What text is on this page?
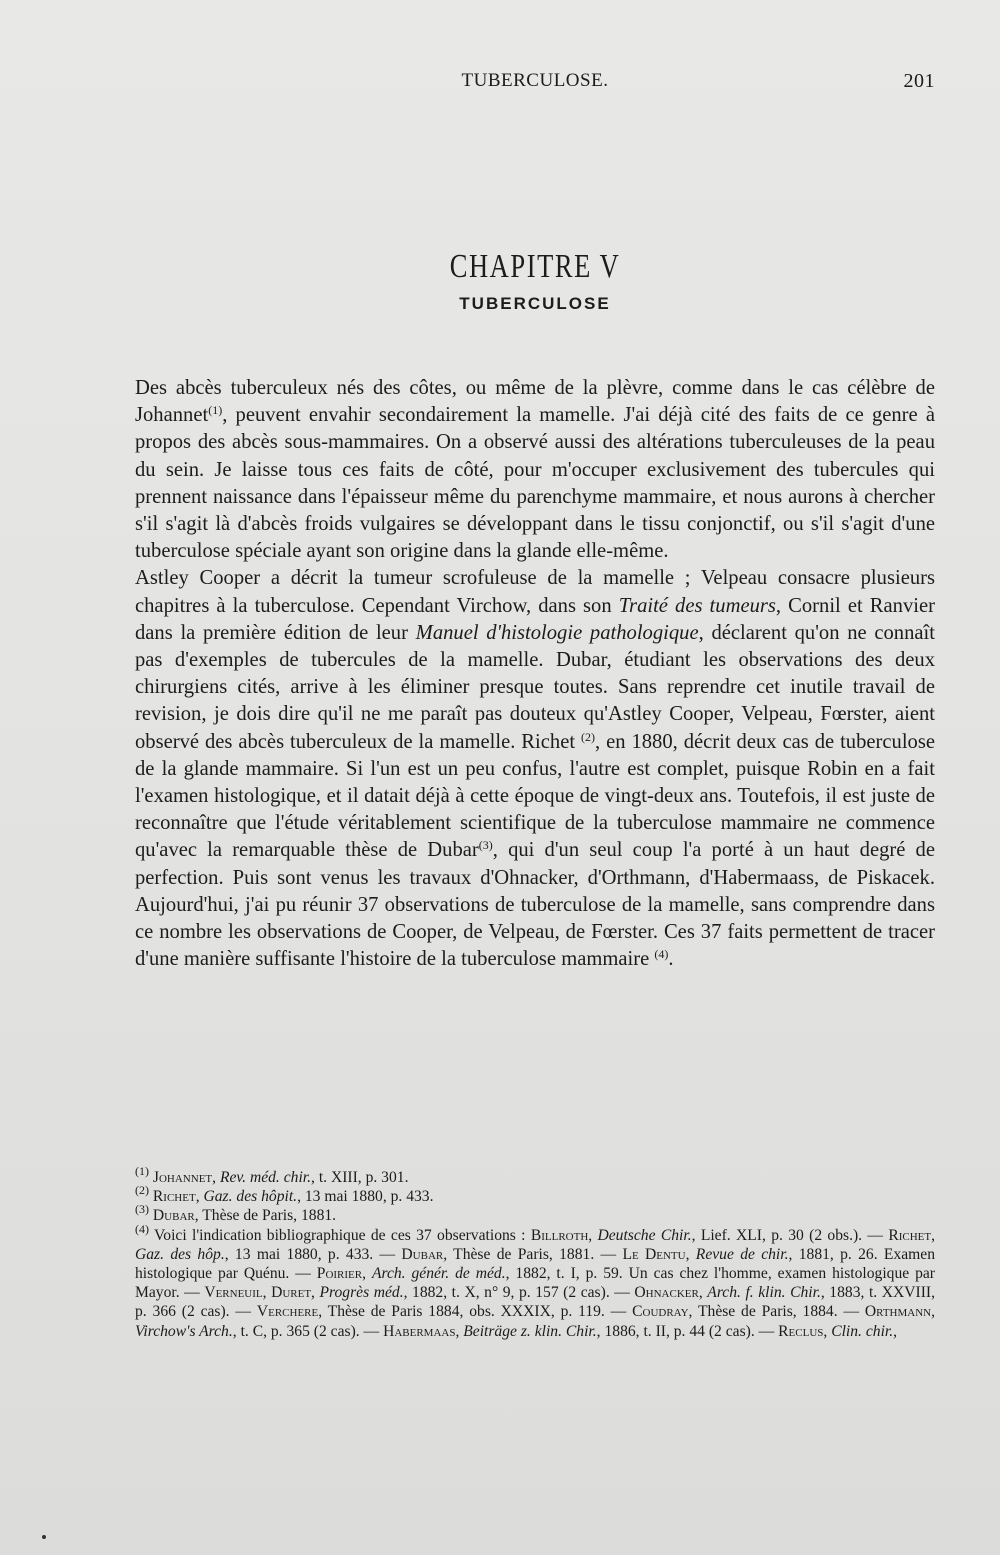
TUBERCULOSE.	201
CHAPITRE V
TUBERCULOSE

Des abcès tuberculeux nés des côtes, ou même de la plèvre, comme dans le cas célèbre de Johannet$^{(1)}$, peuvent envahir secondairement la mamelle. J'ai déjà cité des faits de ce genre à propos des abcès sous-mammaires. On a observé aussi des altérations tuberculeuses de la peau du sein. Je laisse tous ces faits de côté, pour m'occuper exclusivement des tubercules qui prennent naissance dans l'épaisseur même du parenchyme mammaire, et nous aurons à chercher s'il s'agit là d'abcès froids vulgaires se développant dans le tissu conjonctif, ou s'il s'agit d'une tuberculose spéciale ayant son origine dans la glande elle-même.

Astley Cooper a décrit la tumeur scrofuleuse de la mamelle ; Velpeau consacre plusieurs chapitres à la tuberculose. Cependant Virchow, dans son Traité des tumeurs, Cornil et Ranvier dans la première édition de leur Manuel d'histologie pathologique, déclarent qu'on ne connaît pas d'exemples de tubercules de la mamelle. Dubar, étudiant les observations des deux chirurgiens cités, arrive à les éliminer presque toutes. Sans reprendre cet inutile travail de revision, je dois dire qu'il ne me paraît pas douteux qu'Astley Cooper, Velpeau, Fœrster, aient observé des abcès tuberculeux de la mamelle. Richet $^{(2)}$, en 1880, décrit deux cas de tuberculose de la glande mammaire. Si l'un est un peu confus, l'autre est complet, puisque Robin en a fait l'examen histologique, et il datait déjà à cette époque de vingt-deux ans. Toutefois, il est juste de reconnaître que l'étude véritablement scientifique de la tuberculose mammaire ne commence qu'avec la remarquable thèse de Dubar$^{(3)}$, qui d'un seul coup l'a porté à un haut degré de perfection. Puis sont venus les travaux d'Ohnacker, d'Orthmann, d'Habermaass, de Piskacek. Aujourd'hui, j'ai pu réunir 37 observations de tuberculose de la mamelle, sans comprendre dans ce nombre les observations de Cooper, de Velpeau, de Fœrster. Ces 37 faits permettent de tracer d'une manière suffisante l'histoire de la tuberculose mammaire $^{(4)}$.

$^{(1)}$ Johannet, Rev. méd. chir., t. XIII, p. 301.

$^{(2)}$ Richet, Gaz. des hôpit., 13 mai 1880, p. 433.

$^{(3)}$ Dubar, Thèse de Paris, 1881.

$^{(4)}$ Voici l'indication bibliographique de ces 37 observations : Billroth, Deutsche Chir., Lief. XLI, p. 30 (2 obs.). — Richet, Gaz. des hôp., 13 mai 1880, p. 433. — Dubar, Thèse de Paris, 1881. — Le Dentu, Revue de chir., 1881, p. 26. Examen histologique par Quénu. — Poirier, Arch. génér. de méd., 1882, t. I, p. 59. Un cas chez l'homme, examen histologique par Mayor. — Verneuil, Duret, Progrès méd., 1882, t. X, n° 9, p. 157 (2 cas). — Ohnacker, Arch. f. klin. Chir., 1883, t. XXVIII, p. 366 (2 cas). — Verchere, Thèse de Paris 1884, obs. XXXIX, p. 119. — Coudray, Thèse de Paris, 1884. — Orthmann, Virchow's Arch., t. C, p. 365 (2 cas). — Habermaas, Beiträge z. klin. Chir., 1886, t. II, p. 44 (2 cas). — Reclus, Clin. chir.,
